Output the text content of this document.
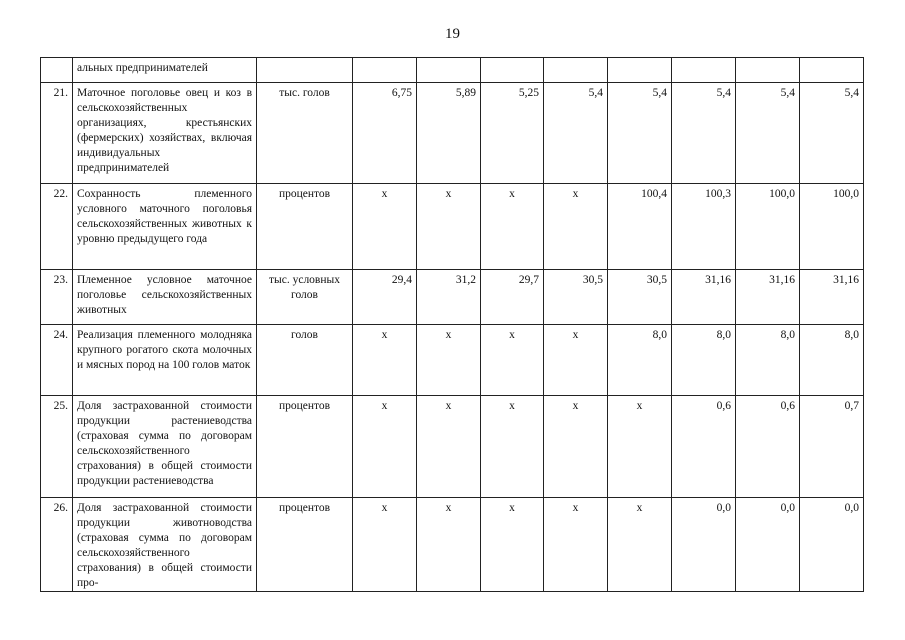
19
	альных предпринимателей									
21.	Маточное поголовье овец и коз в сельскохозяйственных организациях, крестьянских (фермерских) хозяйствах, включая индивидуальных предпринимателей	тыс. голов	6,75	5,89	5,25	5,4	5,4	5,4	5,4	5,4
22.	Сохранность племенного условного маточного поголовья сельскохозяйственных животных к уровню предыдущего года	процентов	x	x	x	x	100,4	100,3	100,0	100,0
23.	Племенное условное маточное поголовье сельскохозяйственных животных	тыс. условных голов	29,4	31,2	29,7	30,5	30,5	31,16	31,16	31,16
24.	Реализация племенного молодняка крупного рогатого скота молочных и мясных пород на 100 голов маток	голов	x	x	x	x	8,0	8,0	8,0	8,0
25.	Доля застрахованной стоимости продукции растениеводства (страховая сумма по договорам сельскохозяйственного страхования) в общей стоимости продукции растениеводства	процентов	x	x	x	x	x	0,6	0,6	0,7
26.	Доля застрахованной стоимости продукции животноводства (страховая сумма по договорам сельскохозяйственного страхования) в общей стоимости про-	процентов	x	x	x	x	x	0,0	0,0	0,0
